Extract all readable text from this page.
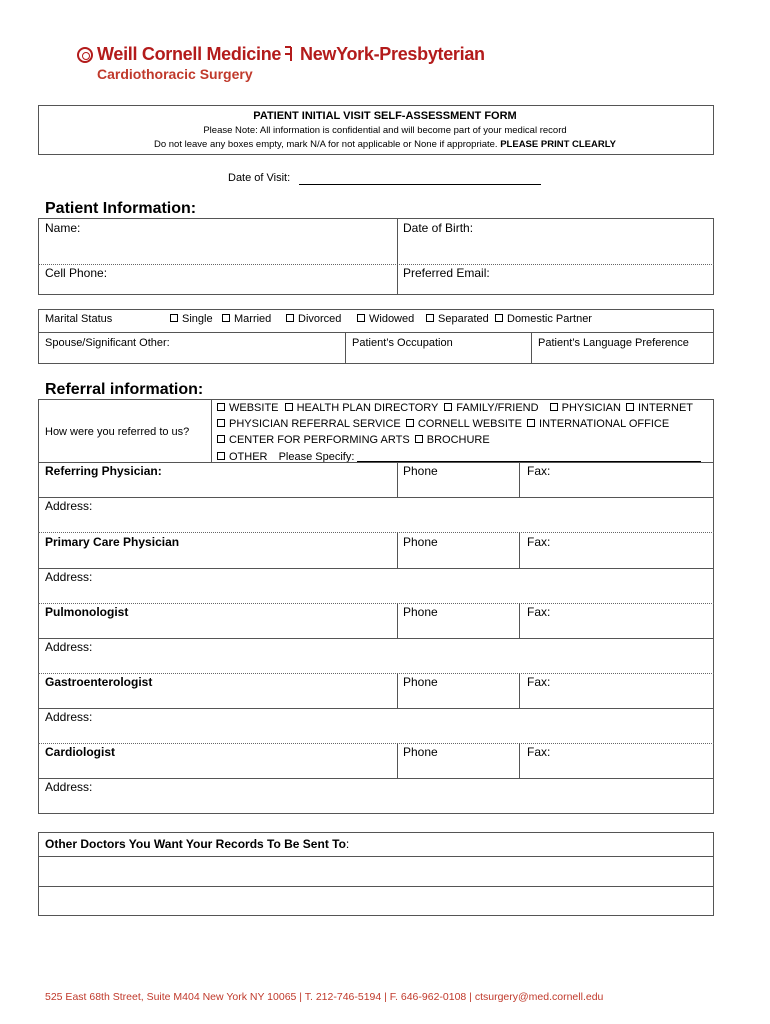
Weill Cornell Medicine
Cardiothoracic Surgery
NewYork-Presbyterian
PATIENT INITIAL VISIT SELF-ASSESSMENT FORM
Please Note: All information is confidential and will become part of your medical record
Do not leave any boxes empty, mark N/A for not applicable or None if appropriate. PLEASE PRINT CLEARLY
Date of Visit:
Patient Information:
Name:	Date of Birth:
Cell Phone:	Preferred Email:
Marital Status	Single	Married	Divorced	Widowed	Separated	Domestic Partner
Spouse/Significant Other:	Patient’s Occupation	Patient’s Language Preference
Referral information:
How were you referred to us?
WEBSITE HEALTH PLAN DIRECTORY FAMILY/FRIEND PHYSICIAN INTERNET
PHYSICIAN REFERRAL SERVICE CORNELL WEBSITE INTERNATIONAL OFFICE
CENTER FOR PERFORMING ARTS BROCHURE
OTHER Please Specify:
Referring Physician:	Phone	Fax:
Address:
Primary Care Physician	Phone	Fax:
Address:
Pulmonologist	Phone	Fax:
Address:
Gastroenterologist	Phone	Fax:
Address:
Cardiologist	Phone	Fax:
Address:
Other Doctors You Want Your Records To Be Sent To:
525 East 68th Street, Suite M404 New York NY 10065 | T. 212-746-5194 | F. 646-962-0108 | ctsurgery@med.cornell.edu
